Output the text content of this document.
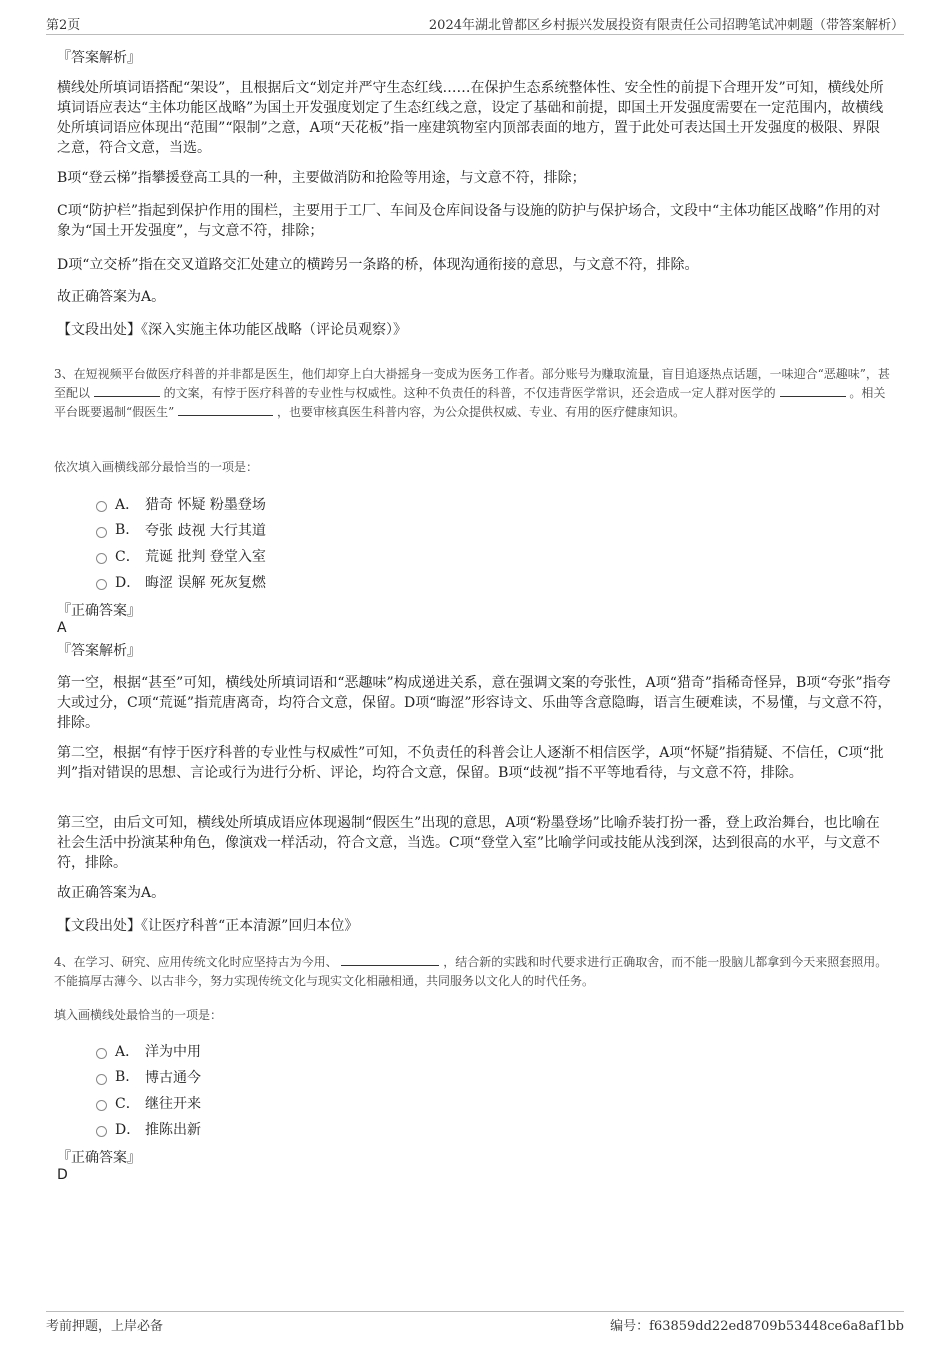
第2页	2024年湖北曾都区乡村振兴发展投资有限责任公司招聘笔试冲刺题（带答案解析）
『答案解析』
横线处所填词语搭配“架设”，且根据后文“划定并严守生态红线……在保护生态系统整体性、安全性的前提下合理开发”可知，横线处所填词语应表达“主体功能区战略”为国土开发强度划定了生态红线之意，设定了基础和前提，即国土开发强度需要在一定范围内，故横线处所填词语应体现出“范围”“限制”之意，A项“天花板”指一座建筑物室内顶部表面的地方，置于此处可表达国土开发强度的极限、界限之意，符合文意，当选。
B项“登云梯”指攀援登高工具的一种，主要做消防和抢险等用途，与文意不符，排除；
C项“防护栏”指起到保护作用的围栏，主要用于工厂、车间及仓库间设备与设施的防护与保护场合，文段中“主体功能区战略”作用的对象为“国土开发强度”，与文意不符，排除；
D项“立交桥”指在交叉道路交汇处建立的横跨另一条路的桥，体现沟通衔接的意思，与文意不符，排除。
故正确答案为A。
【文段出处】《深入实施主体功能区战略（评论员观察）》
3、在短视频平台做医疗科普的并非都是医生，他们却穿上白大褂摇身一变成为医务工作者。部分账号为赚取流量，盲目追逐热点话题，一味迎合“恶趣味”，甚至配以	的文案，有悖于医疗科普的专业性与权威性。这种不负责任的科普，不仅违背医学常识，还会造成一定人群对医学的	。相关平台既要遏制“假医生”	，也要审核真医生科普内容，为公众提供权威、专业、有用的医疗健康知识。
依次填入画横线部分最恰当的一项是：
A． 猎奇 怀疑 粉墨登场
B.	夸张 歧视 大行其道
C． 荒诞 批判 登堂入室
D． 晦涩 误解 死灰复燃
『正确答案』
A
『答案解析』
第一空，根据“甚至”可知，横线处所填词语和“恶趣味”构成递进关系，意在强调文案的夸张性，A项“猎奇”指稀奇怪异，B项“夸张”指夸大或过分，C项“荒诞”指荒唐离奇，均符合文意，保留。D项“晦涩”形容诗文、乐曲等含意隐晦，语言生硬难读，不易懂，与文意不符，排除。
第二空，根据“有悖于医疗科普的专业性与权威性”可知，不负责任的科普会让人逐渐不相信医学，A项“怀疑”指猜疑、不信任，C项“批判”指对错误的思想、言论或行为进行分析、评论，均符合文意，保留。B项“歧视”指不平等地看待，与文意不符，排除。
第三空，由后文可知，横线处所填成语应体现遏制“假医生”出现的意思，A项“粉墨登场”比喻乔装打扮一番，登上政治舞台，也比喻在社会生活中扮演某种角色，像演戏一样活动，符合文意，当选。C项“登堂入室”比喻学问或技能从浅到深，达到很高的水平，与文意不符，排除。
故正确答案为A。
【文段出处】《让医疗科普“正本清源”回归本位》
4、在学习、研究、应用传统文化时应坚持古为今用、	，结合新的实践和时代要求进行正确取舍，而不能一股脑儿都拿到今天来照套照用。不能搞厚古薄今、以古非今，努力实现传统文化与现实文化相融相通，共同服务以文化人的时代任务。
填入画横线处最恰当的一项是：
A． 洋为中用
B.	博古通今
C． 继往开来
D． 推陈出新
『正确答案』
D
考前押题，上岸必备	编号：f63859dd22ed8709b53448ce6a8af1bb
